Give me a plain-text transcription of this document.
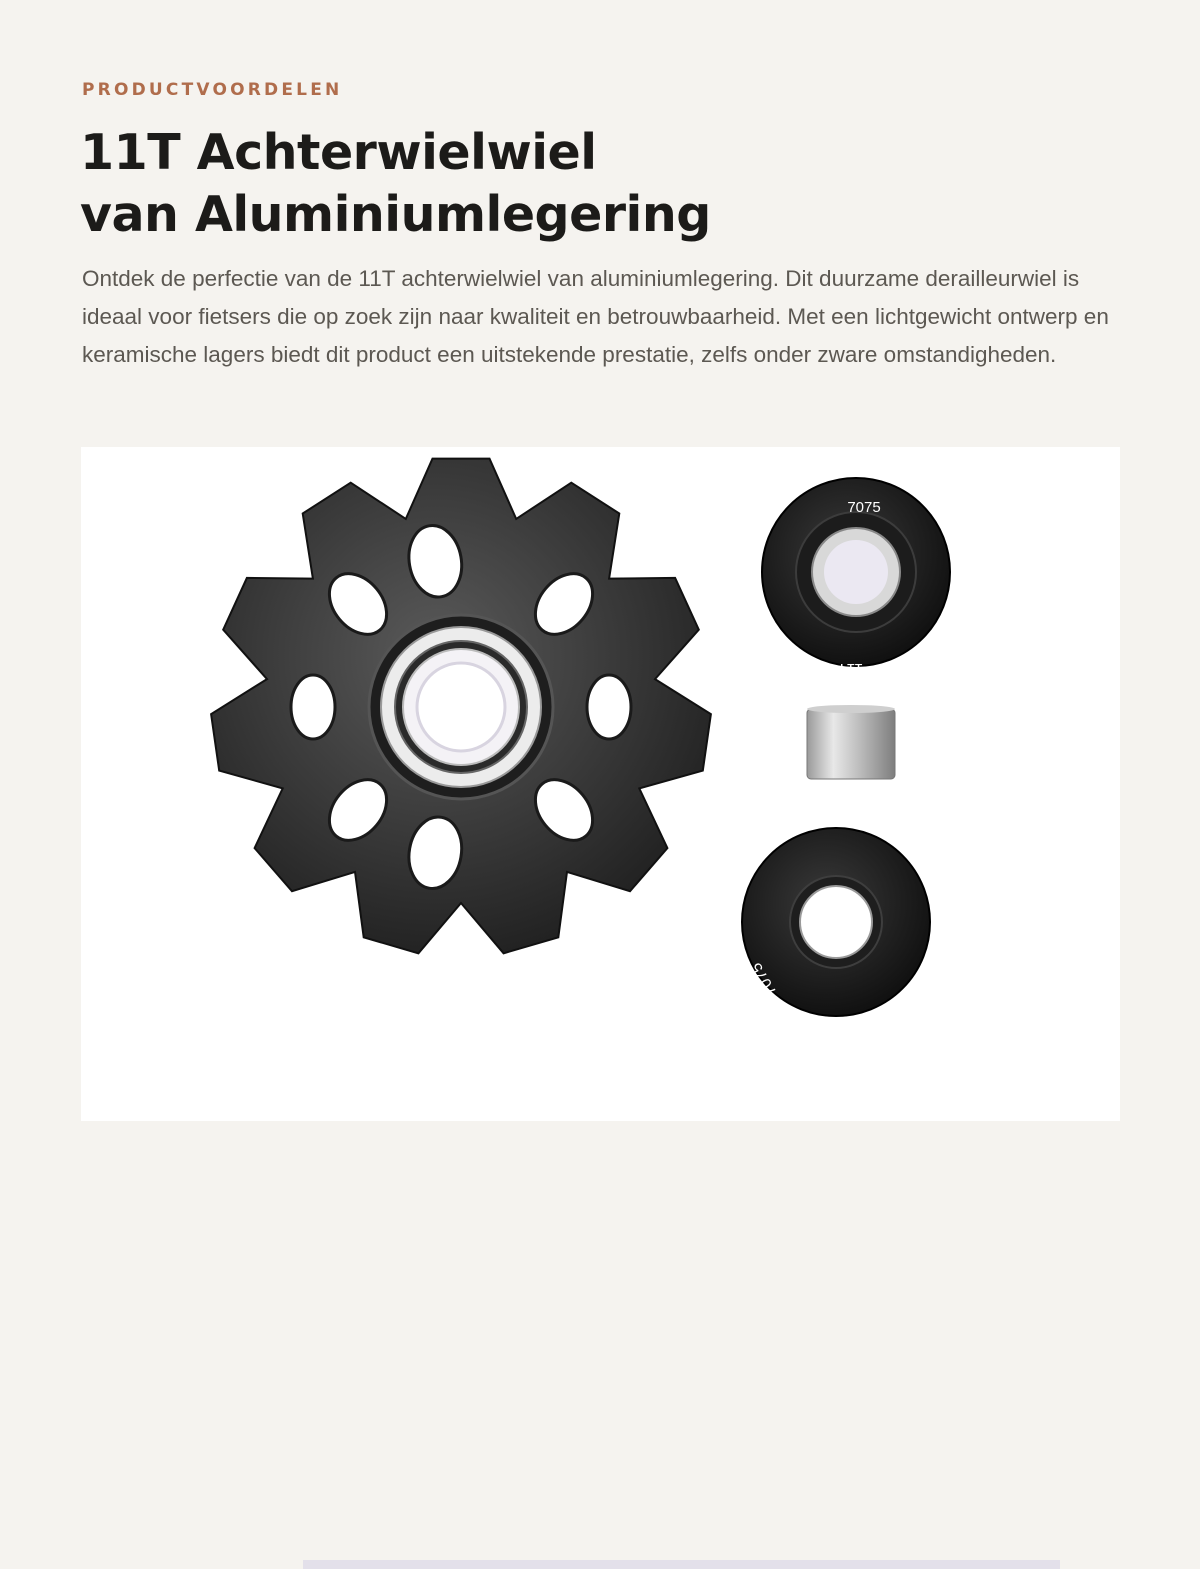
PRODUCTVOORDELEN
11T Achterwielwiel
van Aluminiumlegering

Ontdek de perfectie van de 11T achterwielwiel van aluminiumlegering. Dit duurzame derailleurwiel is ideaal voor fietsers die op zoek zijn naar kwaliteit en betrouwbaarheid. Met een lichtgewicht ontwerp en keramische lagers biedt dit product een uitstekende prestatie, zelfs onder zware omstandigheden.

7075
11T
11T
7075
